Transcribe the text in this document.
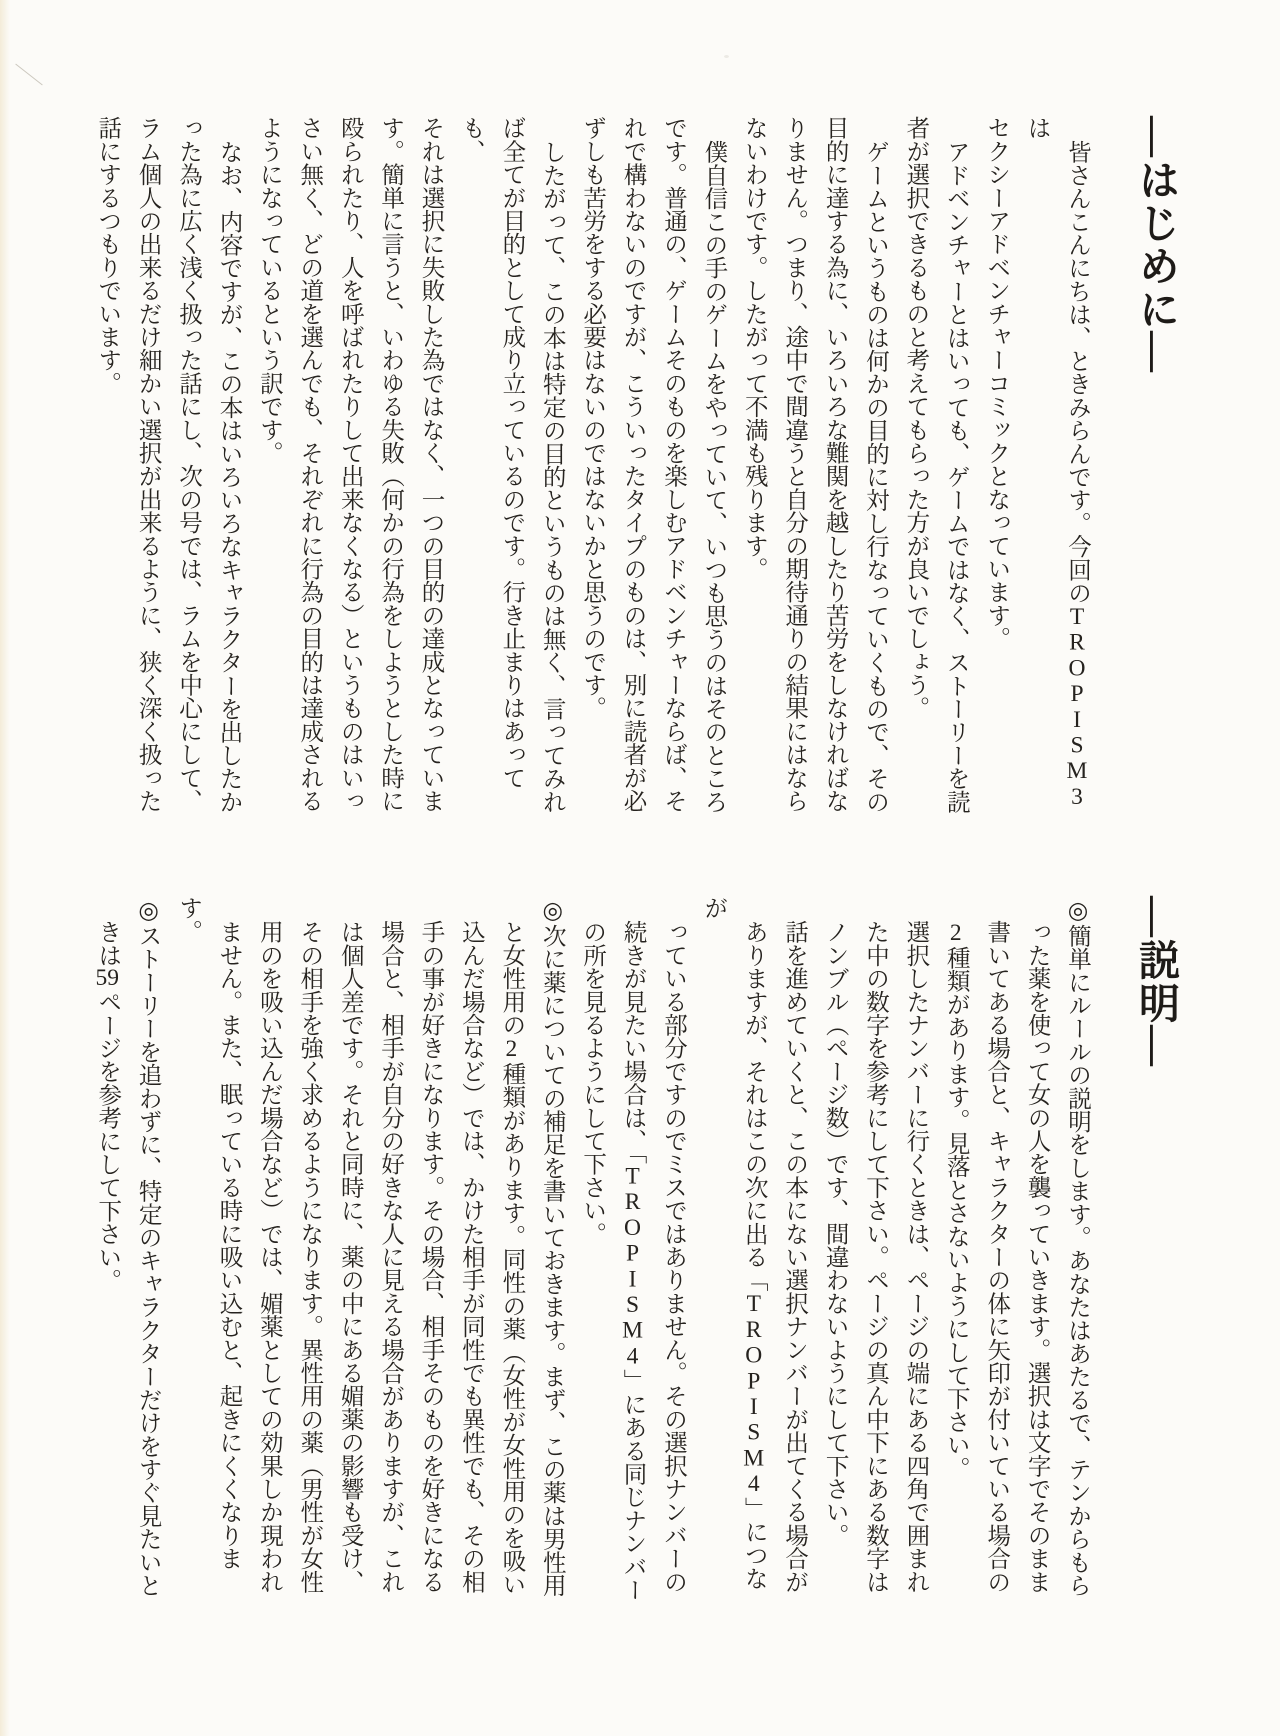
―はじめに―

皆さんこんにちは、ときみらんです。今回のTROPISM3は

セクシーアドベンチャーコミックとなっています。

アドベンチャーとはいっても、ゲームではなく、ストーリーを読

者が選択できるものと考えてもらった方が良いでしょう。

ゲームというものは何かの目的に対し行なっていくもので、その

目的に達する為に、いろいろな難関を越したり苦労をしなければな

りません。つまり、途中で間違うと自分の期待通りの結果にはなら

ないわけです。したがって不満も残ります。

僕自信この手のゲームをやっていて、いつも思うのはそのところ

です。普通の、ゲームそのものを楽しむアドベンチャーならば、そ

れで構わないのですが、こういったタイプのものは、別に読者が必

ずしも苦労をする必要はないのではないかと思うのです。

したがって、この本は特定の目的というものは無く、言ってみれ

ば全てが目的として成り立っているのです。行き止まりはあっても、

それは選択に失敗した為ではなく、一つの目的の達成となっていま

す。簡単に言うと、いわゆる失敗（何かの行為をしようとした時に

殴られたり、人を呼ばれたりして出来なくなる）というものはいっ

さい無く、どの道を選んでも、それぞれに行為の目的は達成される

ようになっているという訳です。

なお、内容ですが、この本はいろいろなキャラクターを出したか

った為に広く浅く扱った話にし、次の号では、ラムを中心にして、

ラム個人の出来るだけ細かい選択が出来るように、狭く深く扱った

話にするつもりでいます。

―説明―

◎簡単にルールの説明をします。あなたはあたるで、テンからもら

った薬を使って女の人を襲っていきます。選択は文字でそのまま

書いてある場合と、キャラクターの体に矢印が付いている場合の

2種類があります。見落とさないようにして下さい。

選択したナンバーに行くときは、ページの端にある四角で囲まれ

た中の数字を参考にして下さい。ページの真ん中下にある数字は

ノンブル（ページ数）です、間違わないようにして下さい。

話を進めていくと、この本にない選択ナンバーが出てくる場合が

ありますが、それはこの次に出る「TROPISM4」につなが

っている部分ですのでミスではありません。その選択ナンバーの

続きが見たい場合は、「TROPISM4」にある同じナンバー

の所を見るようにして下さい。

◎次に薬についての補足を書いておきます。まず、この薬は男性用

と女性用の2種類があります。同性の薬（女性が女性用のを吸い

込んだ場合など）では、かけた相手が同性でも異性でも、その相

手の事が好きになります。その場合、相手そのものを好きになる

場合と、相手が自分の好きな人に見える場合がありますが、これ

は個人差です。それと同時に、薬の中にある媚薬の影響も受け、

その相手を強く求めるようになります。異性用の薬（男性が女性

用のを吸い込んだ場合など）では、媚薬としての効果しか現われ

ません。また、眠っている時に吸い込むと、起きにくくなります。

◎ストーリーを追わずに、特定のキャラクターだけをすぐ見たいと

きは59ページを参考にして下さい。
